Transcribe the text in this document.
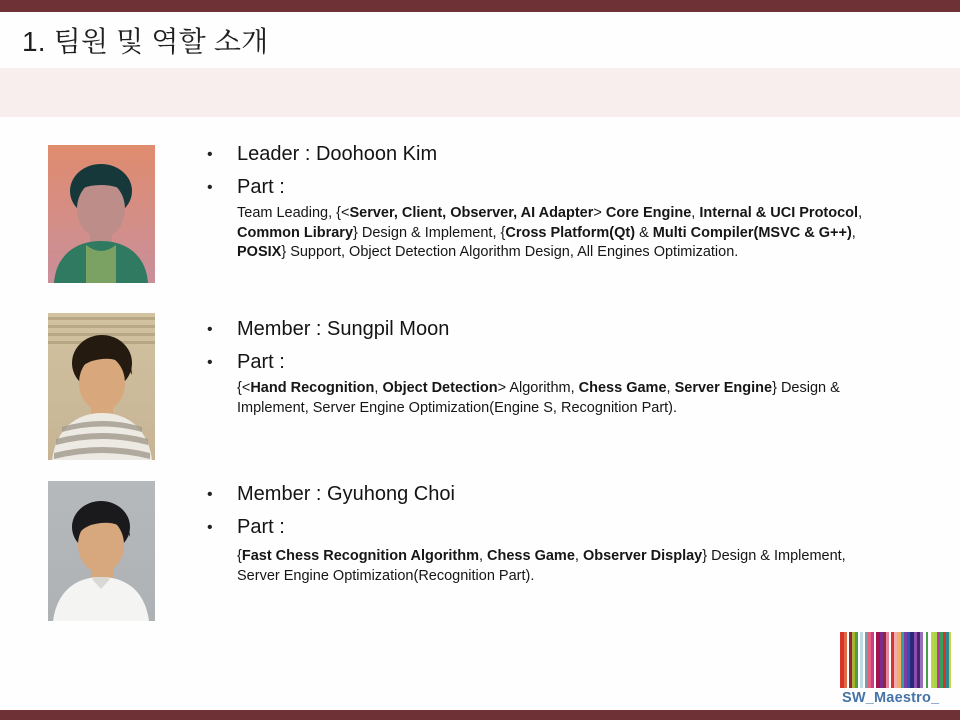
1. 팀원 및 역할 소개
• Leader : Doohoon Kim
• Part :

Team Leading, {<Server, Client, Observer, AI Adapter> Core Engine, Internal & UCI Protocol, Common Library} Design & Implement, {Cross Platform(Qt) & Multi Compiler(MSVC & G++), POSIX} Support, Object Detection Algorithm Design, All Engines Optimization.

• Member : Sungpil Moon
• Part :

{<Hand Recognition, Object Detection> Algorithm, Chess Game, Server Engine} Design & Implement, Server Engine Optimization(Engine S, Recognition Part).

• Member : Gyuhong Choi
• Part :

{Fast Chess Recognition Algorithm, Chess Game, Observer Display} Design & Implement, Server Engine Optimization(Recognition Part).

SW_Maestro_
